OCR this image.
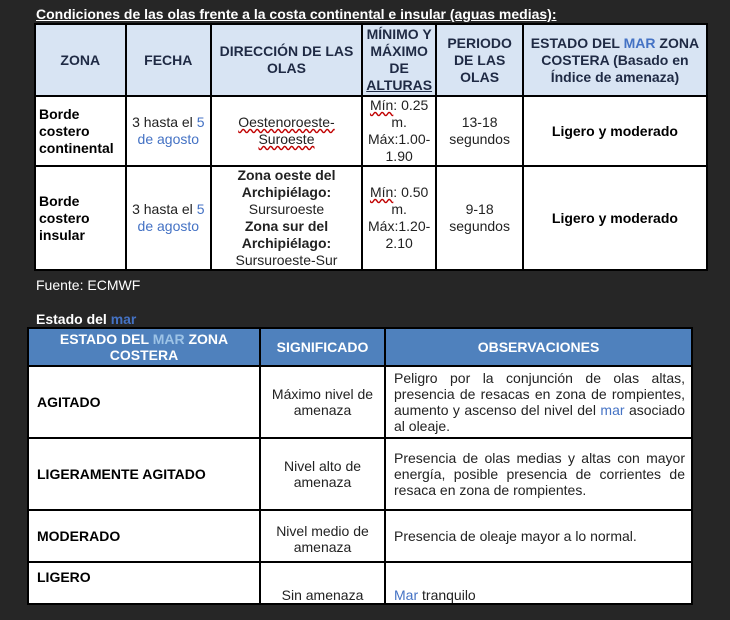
Condiciones de las olas frente a la costa continental e insular (aguas medias):
ZONA	FECHA	DIRECCIÓN DE LAS OLAS	MÍNIMO Y MÁXIMO DE
ALTURAS	PERIODO DE LAS OLAS	ESTADO DEL MAR ZONA COSTERA (Basado en Índice de amenaza)
Borde costero continental	3 hasta el 5 de agosto	Oestenoroeste-Suroeste	Mín: 0.25 m.
Máx:1.00-1.90	13-18 segundos	Ligero y moderado
Borde costero insular	3 hasta el 5 de agosto	Zona oeste del Archipiélago:
Sursuroeste
Zona sur del Archipiélago:
Sursuroeste-Sur	Mín: 0.50 m.
Máx:1.20-2.10	9-18 segundos	Ligero y moderado
Fuente: ECMWF
Estado del mar
ESTADO DEL MAR ZONA COSTERA	SIGNIFICADO	OBSERVACIONES
AGITADO	Máximo nivel de amenaza	Peligro por la conjunción de olas altas, presencia de resacas en zona de rompientes, aumento y ascenso del nivel del mar asociado al oleaje.
LIGERAMENTE AGITADO	Nivel alto de amenaza	Presencia de olas medias y altas con mayor energía, posible presencia de corrientes de resaca en zona de rompientes.
MODERADO	Nivel medio de amenaza	Presencia de oleaje mayor a lo normal.
LIGERO	Sin amenaza	Mar tranquilo
